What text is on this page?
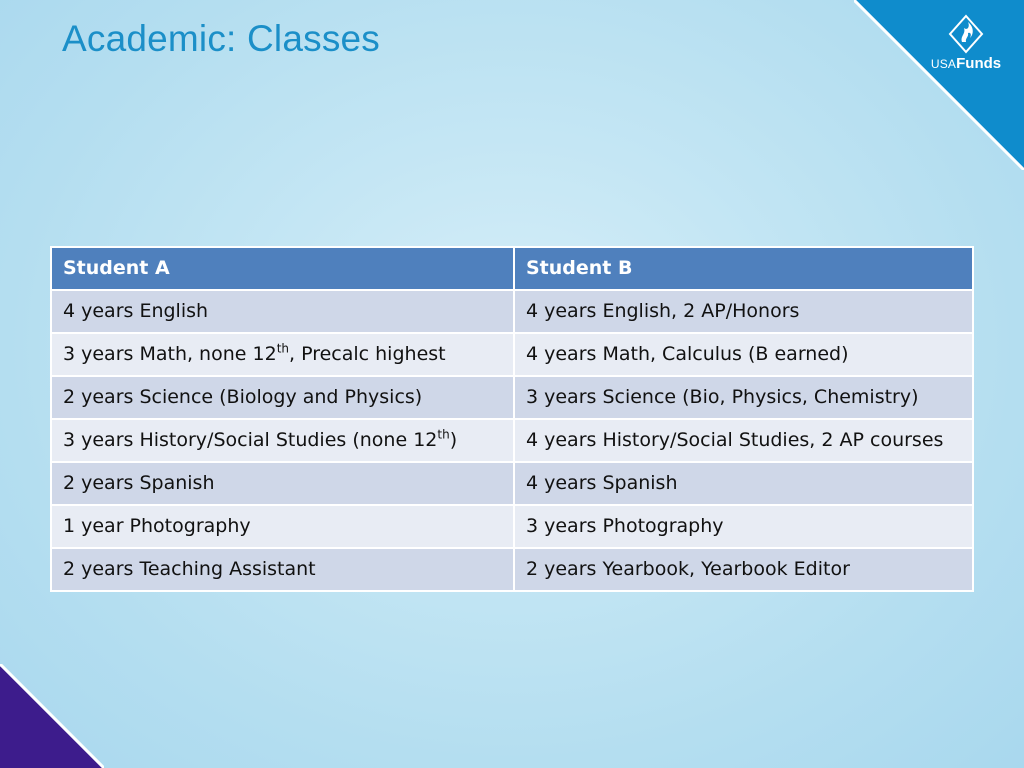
USAFunds
Academic: Classes
Student A	Student B
4 years English	4 years English, 2 AP/Honors
3 years Math, none 12th, Precalc highest	4 years Math, Calculus (B earned)
2 years Science (Biology and Physics)	3 years Science (Bio, Physics, Chemistry)
3 years History/Social Studies (none 12th)	4 years History/Social Studies, 2 AP courses
2 years Spanish	4 years Spanish
1 year Photography	3 years Photography
2 years Teaching Assistant	2 years Yearbook, Yearbook Editor
